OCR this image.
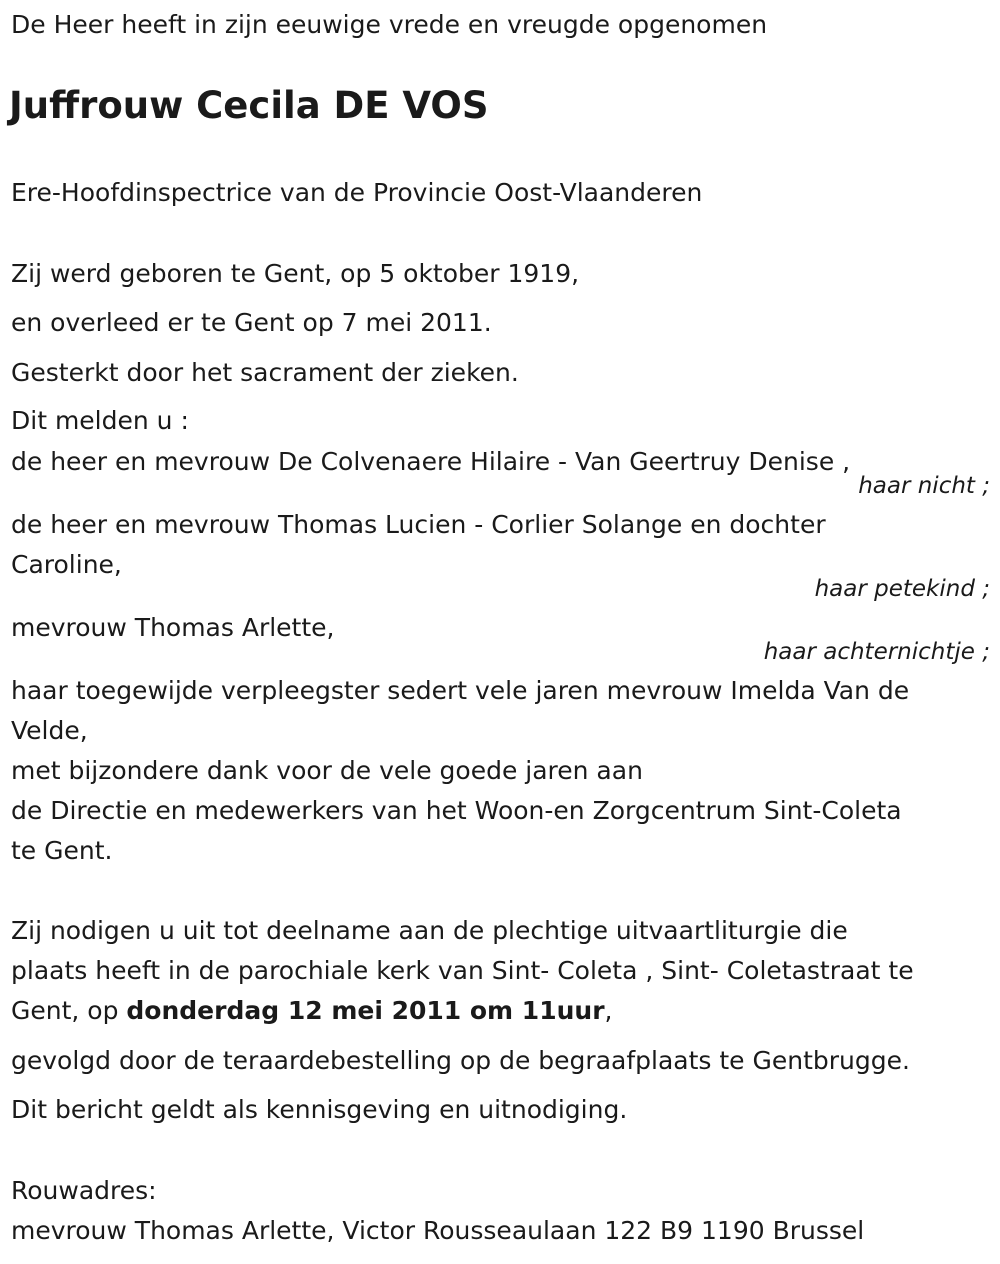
De Heer heeft in zijn eeuwige vrede en vreugde opgenomen

Juffrouw Cecila DE VOS

Ere-Hoofdinspectrice van de Provincie Oost-Vlaanderen

Zij werd geboren te Gent, op 5 oktober 1919,

en overleed er te Gent op 7 mei 2011.

Gesterkt door het sacrament der zieken.

Dit melden u :

de heer en mevrouw De Colvenaere Hilaire - Van Geertruy Denise ,

haar nicht ;

de heer en mevrouw Thomas Lucien - Corlier Solange en dochter

Caroline,

haar petekind ;

mevrouw Thomas Arlette,

haar achternichtje ;

haar toegewijde verpleegster sedert vele jaren mevrouw Imelda Van de

Velde,

met bijzondere dank voor de vele goede jaren aan

de Directie en medewerkers van het Woon-en Zorgcentrum Sint-Coleta

te Gent.

Zij nodigen u uit tot deelname aan de plechtige uitvaartliturgie die

plaats heeft in de parochiale kerk van Sint- Coleta , Sint- Coletastraat te

Gent, op donderdag 12 mei 2011 om 11uur,

gevolgd door de teraardebestelling op de begraafplaats te Gentbrugge.

Dit bericht geldt als kennisgeving en uitnodiging.

Rouwadres:

mevrouw Thomas Arlette, Victor Rousseaulaan 122 B9 1190 Brussel
